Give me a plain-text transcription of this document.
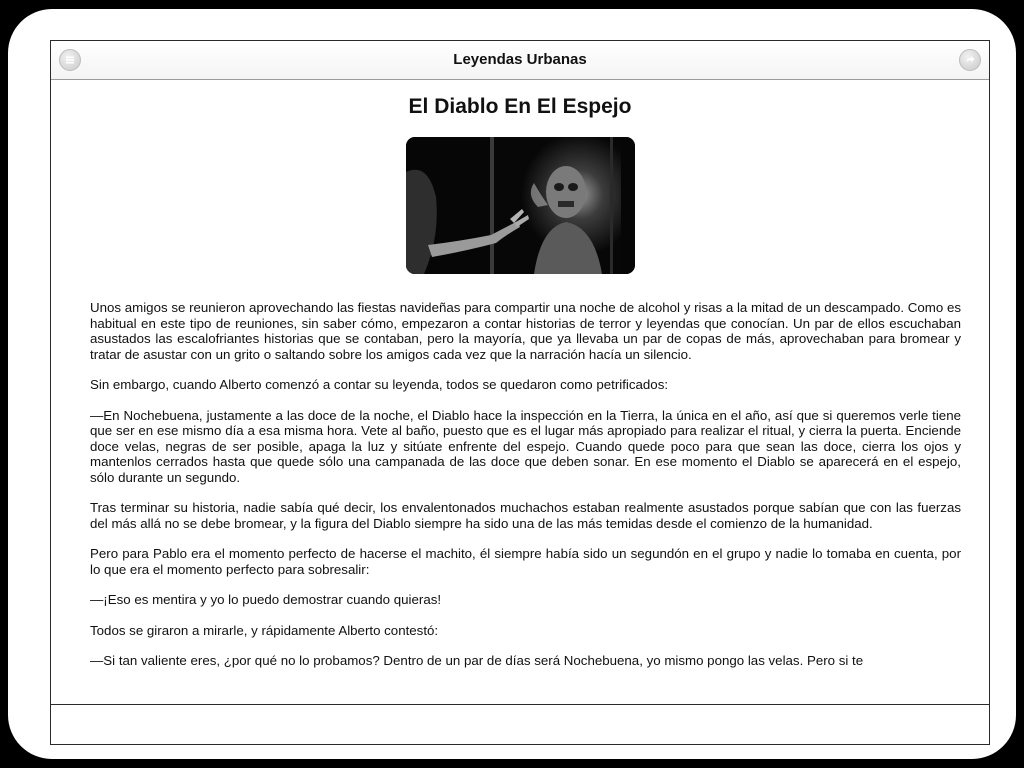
Leyendas Urbanas
El Diablo En El Espejo

Unos amigos se reunieron aprovechando las fiestas navideñas para compartir una noche de alcohol y risas a la mitad de un descampado. Como es habitual en este tipo de reuniones, sin saber cómo, empezaron a contar historias de terror y leyendas que conocían. Un par de ellos escuchaban asustados las escalofriantes historias que se contaban, pero la mayoría, que ya llevaba un par de copas de más, aprovechaban para bromear y tratar de asustar con un grito o saltando sobre los amigos cada vez que la narración hacía un silencio.

Sin embargo, cuando Alberto comenzó a contar su leyenda, todos se quedaron como petrificados:

—En Nochebuena, justamente a las doce de la noche, el Diablo hace la inspección en la Tierra, la única en el año, así que si queremos verle tiene que ser en ese mismo día a esa misma hora. Vete al baño, puesto que es el lugar más apropiado para realizar el ritual, y cierra la puerta. Enciende doce velas, negras de ser posible, apaga la luz y sitúate enfrente del espejo. Cuando quede poco para que sean las doce, cierra los ojos y mantenlos cerrados hasta que quede sólo una campanada de las doce que deben sonar. En ese momento el Diablo se aparecerá en el espejo, sólo durante un segundo.

Tras terminar su historia, nadie sabía qué decir, los envalentonados muchachos estaban realmente asustados porque sabían que con las fuerzas del más allá no se debe bromear, y la figura del Diablo siempre ha sido una de las más temidas desde el comienzo de la humanidad.

Pero para Pablo era el momento perfecto de hacerse el machito, él siempre había sido un segundón en el grupo y nadie lo tomaba en cuenta, por lo que era el momento perfecto para sobresalir:

—¡Eso es mentira y yo lo puedo demostrar cuando quieras!

Todos se giraron a mirarle, y rápidamente Alberto contestó:

—Si tan valiente eres, ¿por qué no lo probamos? Dentro de un par de días será Nochebuena, yo mismo pongo las velas. Pero si te
